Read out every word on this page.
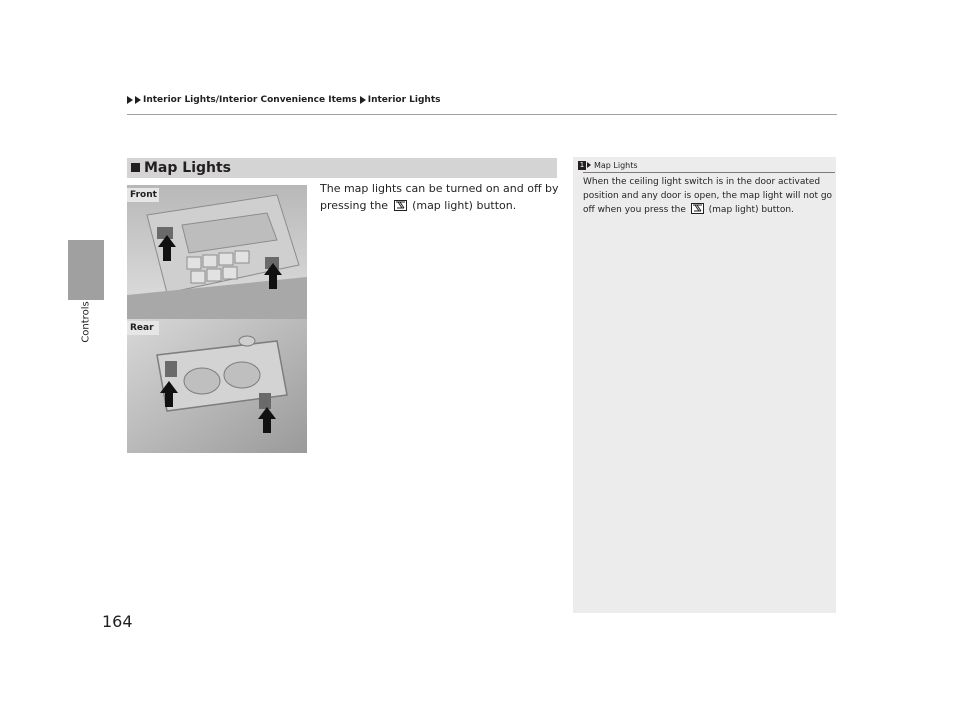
Interior Lights/Interior Convenience Items Interior Lights
Controls
Map Lights
Front
Rear
The map lights can be turned on and off by pressing the (map light) button.
1 Map Lights
When the ceiling light switch is in the door activated position and any door is open, the map light will not go off when you press the	(map light) button.
164
